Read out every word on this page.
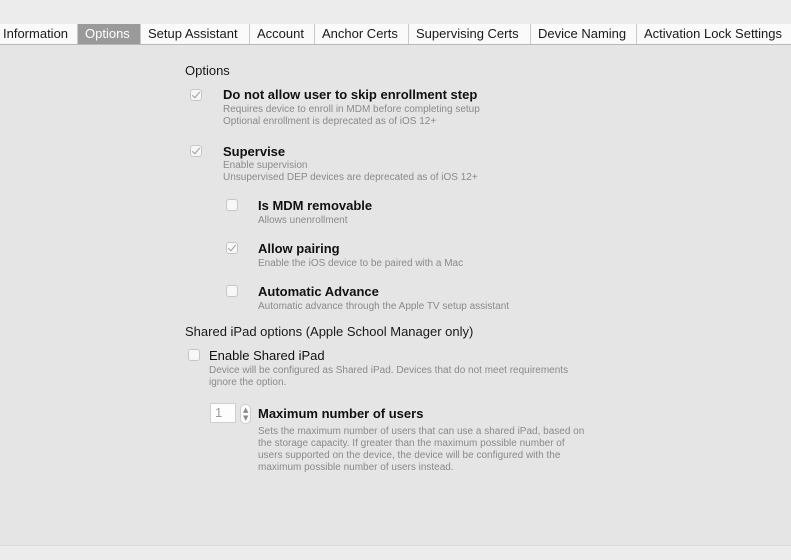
Information	Options	Setup Assistant	Account	Anchor Certs	Supervising Certs	Device Naming	Activation Lock Settings
Options
Do not allow user to skip enrollment step
Requires device to enroll in MDM before completing setup
Optional enrollment is deprecated as of iOS 12+
Supervise
Enable supervision
Unsupervised DEP devices are deprecated as of iOS 12+
Is MDM removable
Allows unenrollment
Allow pairing
Enable the iOS device to be paired with a Mac
Automatic Advance
Automatic advance through the Apple TV setup assistant
Shared iPad options (Apple School Manager only)
Enable Shared iPad
Device will be configured as Shared iPad. Devices that do not meet requirements
ignore the option.
1	▲
▼ Maximum number of users
Sets the maximum number of users that can use a shared iPad, based on
the storage capacity. If greater than the maximum possible number of
users supported on the device, the device will be configured with the
maximum possible number of users instead.
